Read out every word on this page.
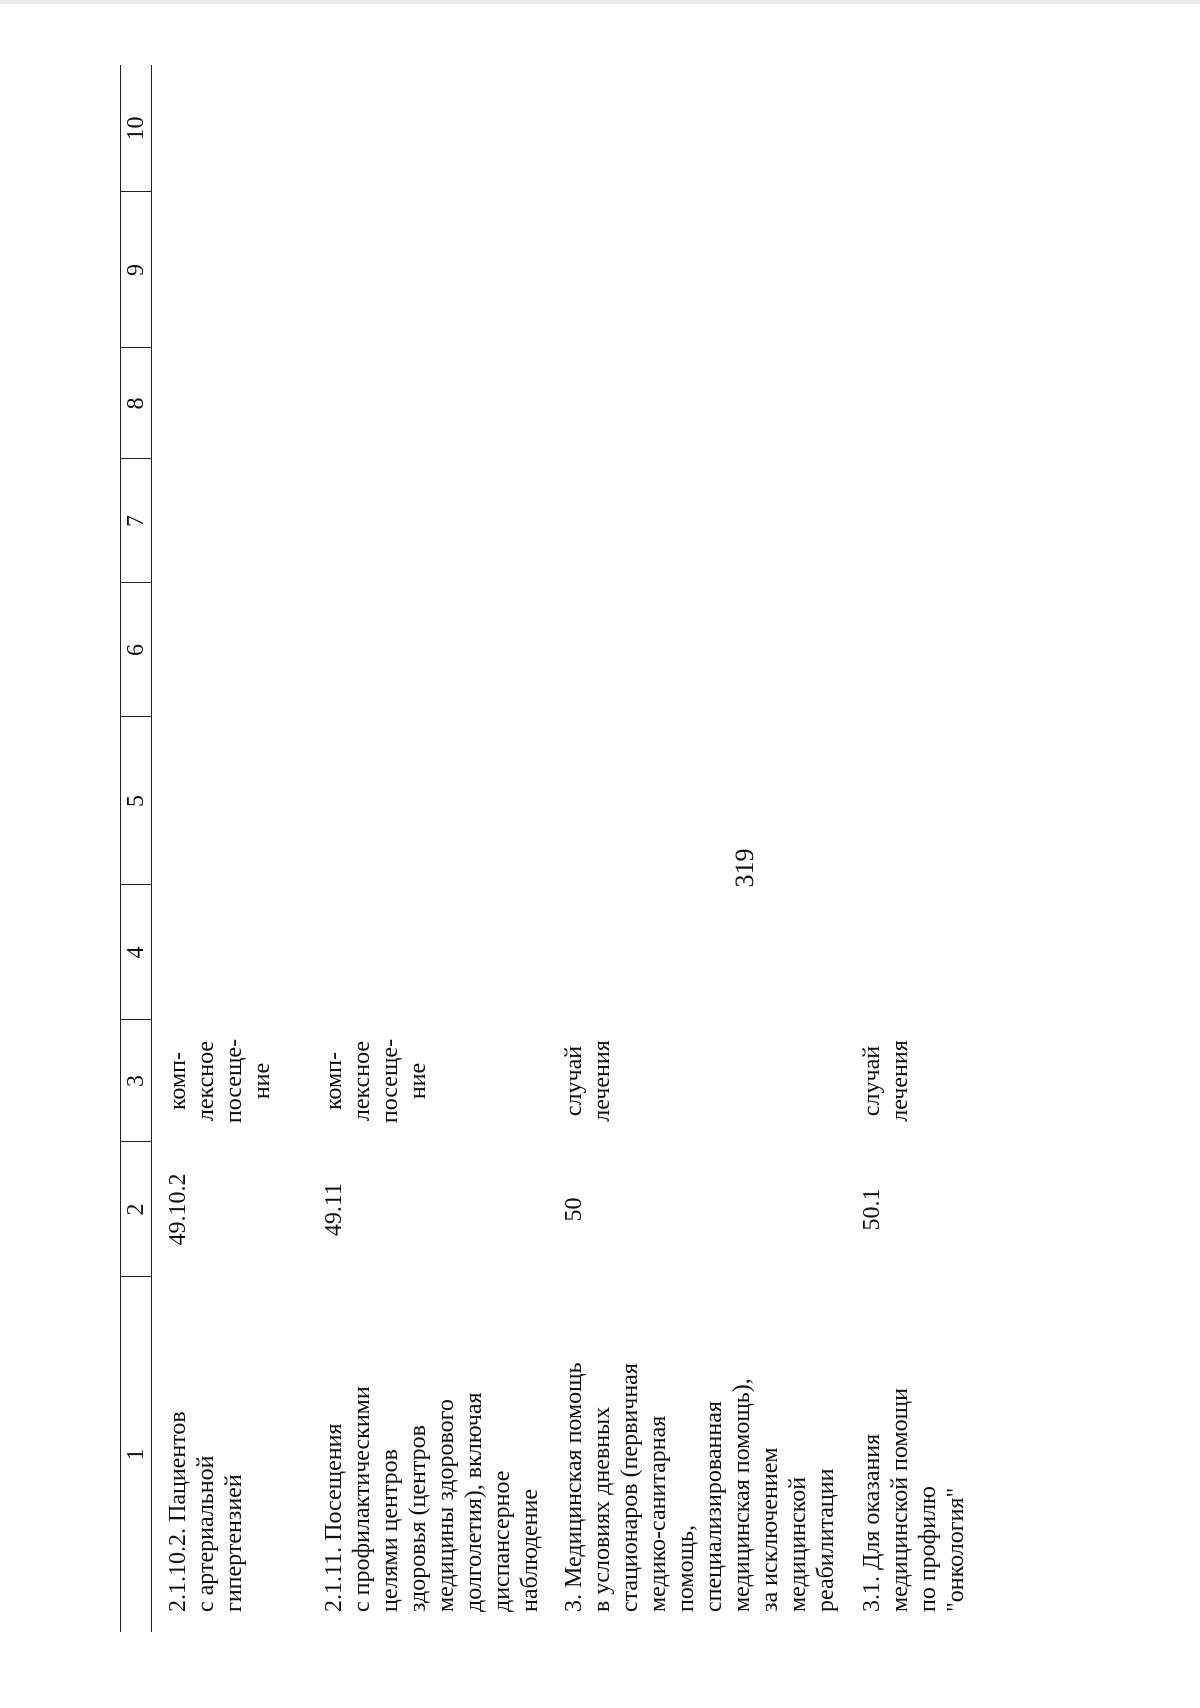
319
1
2
3
4
5
6
7
8
9
10
2.1.10.2. Пациентов
с артериальной
гипертензией
49.10.2
комп-
лексное
посеще-
ние
2.1.11. Посещения
с профилактическими
целями центров
здоровья (центров
медицины здорового
долголетия), включая
диспансерное
наблюдение
49.11
комп-
лексное
посеще-
ние
3. Медицинская помощь
в условиях дневных
стационаров (первичная
медико-санитарная
помощь,
специализированная
медицинская помощь),
за исключением
медицинской
реабилитации
50
случай
лечения
3.1. Для оказания
медицинской помощи
по профилю
"онкология"
50.1
случай
лечения
